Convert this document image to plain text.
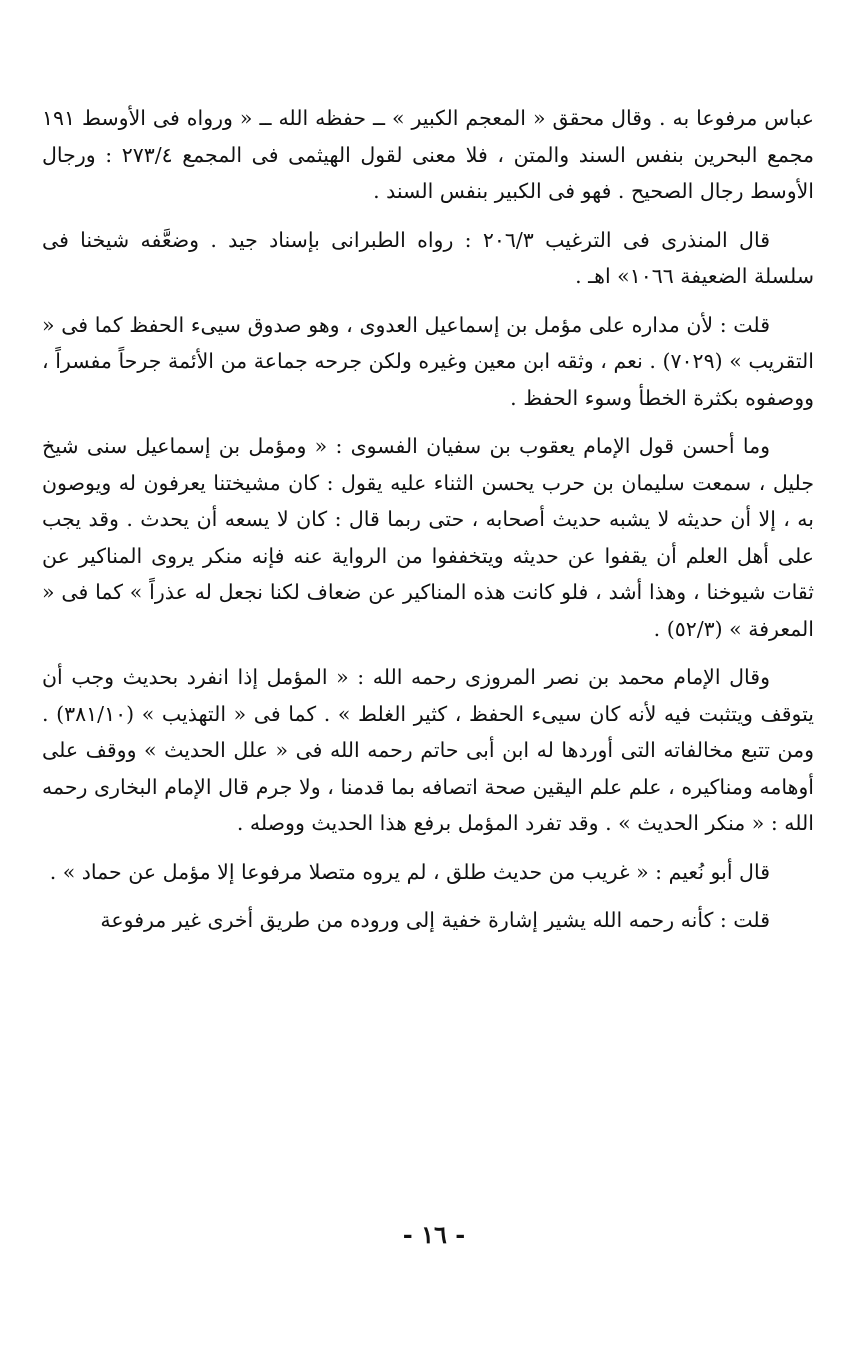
عباس مرفوعا به . وقال محقق « المعجم الكبير » ــ حفظه الله ــ « ورواه فى الأوسط ١٩١ مجمع البحرين بنفس السند والمتن ، فلا معنى لقول الهيثمى فى المجمع ٢٧٣/٤ : ورجال الأوسط رجال الصحيح . فهو فى الكبير بنفس السند .

قال المنذرى فى الترغيب ٢٠٦/٣ : رواه الطبرانى بإسناد جيد . وضعَّفه شيخنا فى سلسلة الضعيفة ١٠٦٦» اهـ .

قلت : لأن مداره على مؤمل بن إسماعيل العدوى ، وهو صدوق سيىء الحفظ كما فى « التقريب » (٧٠٢٩) . نعم ، وثقه ابن معين وغيره ولكن جرحه جماعة من الأئمة جرحاً مفسراً ، ووصفوه بكثرة الخطأ وسوء الحفظ .

وما أحسن قول الإمام يعقوب بن سفيان الفسوى : « ومؤمل بن إسماعيل سنى شيخ جليل ، سمعت سليمان بن حرب يحسن الثناء عليه يقول : كان مشيختنا يعرفون له ويوصون به ، إلا أن حديثه لا يشبه حديث أصحابه ، حتى ربما قال : كان لا يسعه أن يحدث . وقد يجب على أهل العلم أن يقفوا عن حديثه ويتخففوا من الرواية عنه فإنه منكر يروى المناكير عن ثقات شيوخنا ، وهذا أشد ، فلو كانت هذه المناكير عن ضعاف لكنا نجعل له عذراً » كما فى « المعرفة » (٥٢/٣) .

وقال الإمام محمد بن نصر المروزى رحمه الله : « المؤمل إذا انفرد بحديث وجب أن يتوقف ويتثبت فيه لأنه كان سيىء الحفظ ، كثير الغلط » . كما فى « التهذيب » (٣٨١/١٠) . ومن تتبع مخالفاته التى أوردها له ابن أبى حاتم رحمه الله فى « علل الحديث » ووقف على أوهامه ومناكيره ، علم علم اليقين صحة اتصافه بما قدمنا ، ولا جرم قال الإمام البخارى رحمه الله : « منكر الحديث » . وقد تفرد المؤمل برفع هذا الحديث ووصله .

قال أبو نُعيم : « غريب من حديث طلق ، لم يروه متصلا مرفوعا إلا مؤمل عن حماد » .

قلت : كأنه رحمه الله يشير إشارة خفية إلى وروده من طريق أخرى غير مرفوعة

- ١٦ -
